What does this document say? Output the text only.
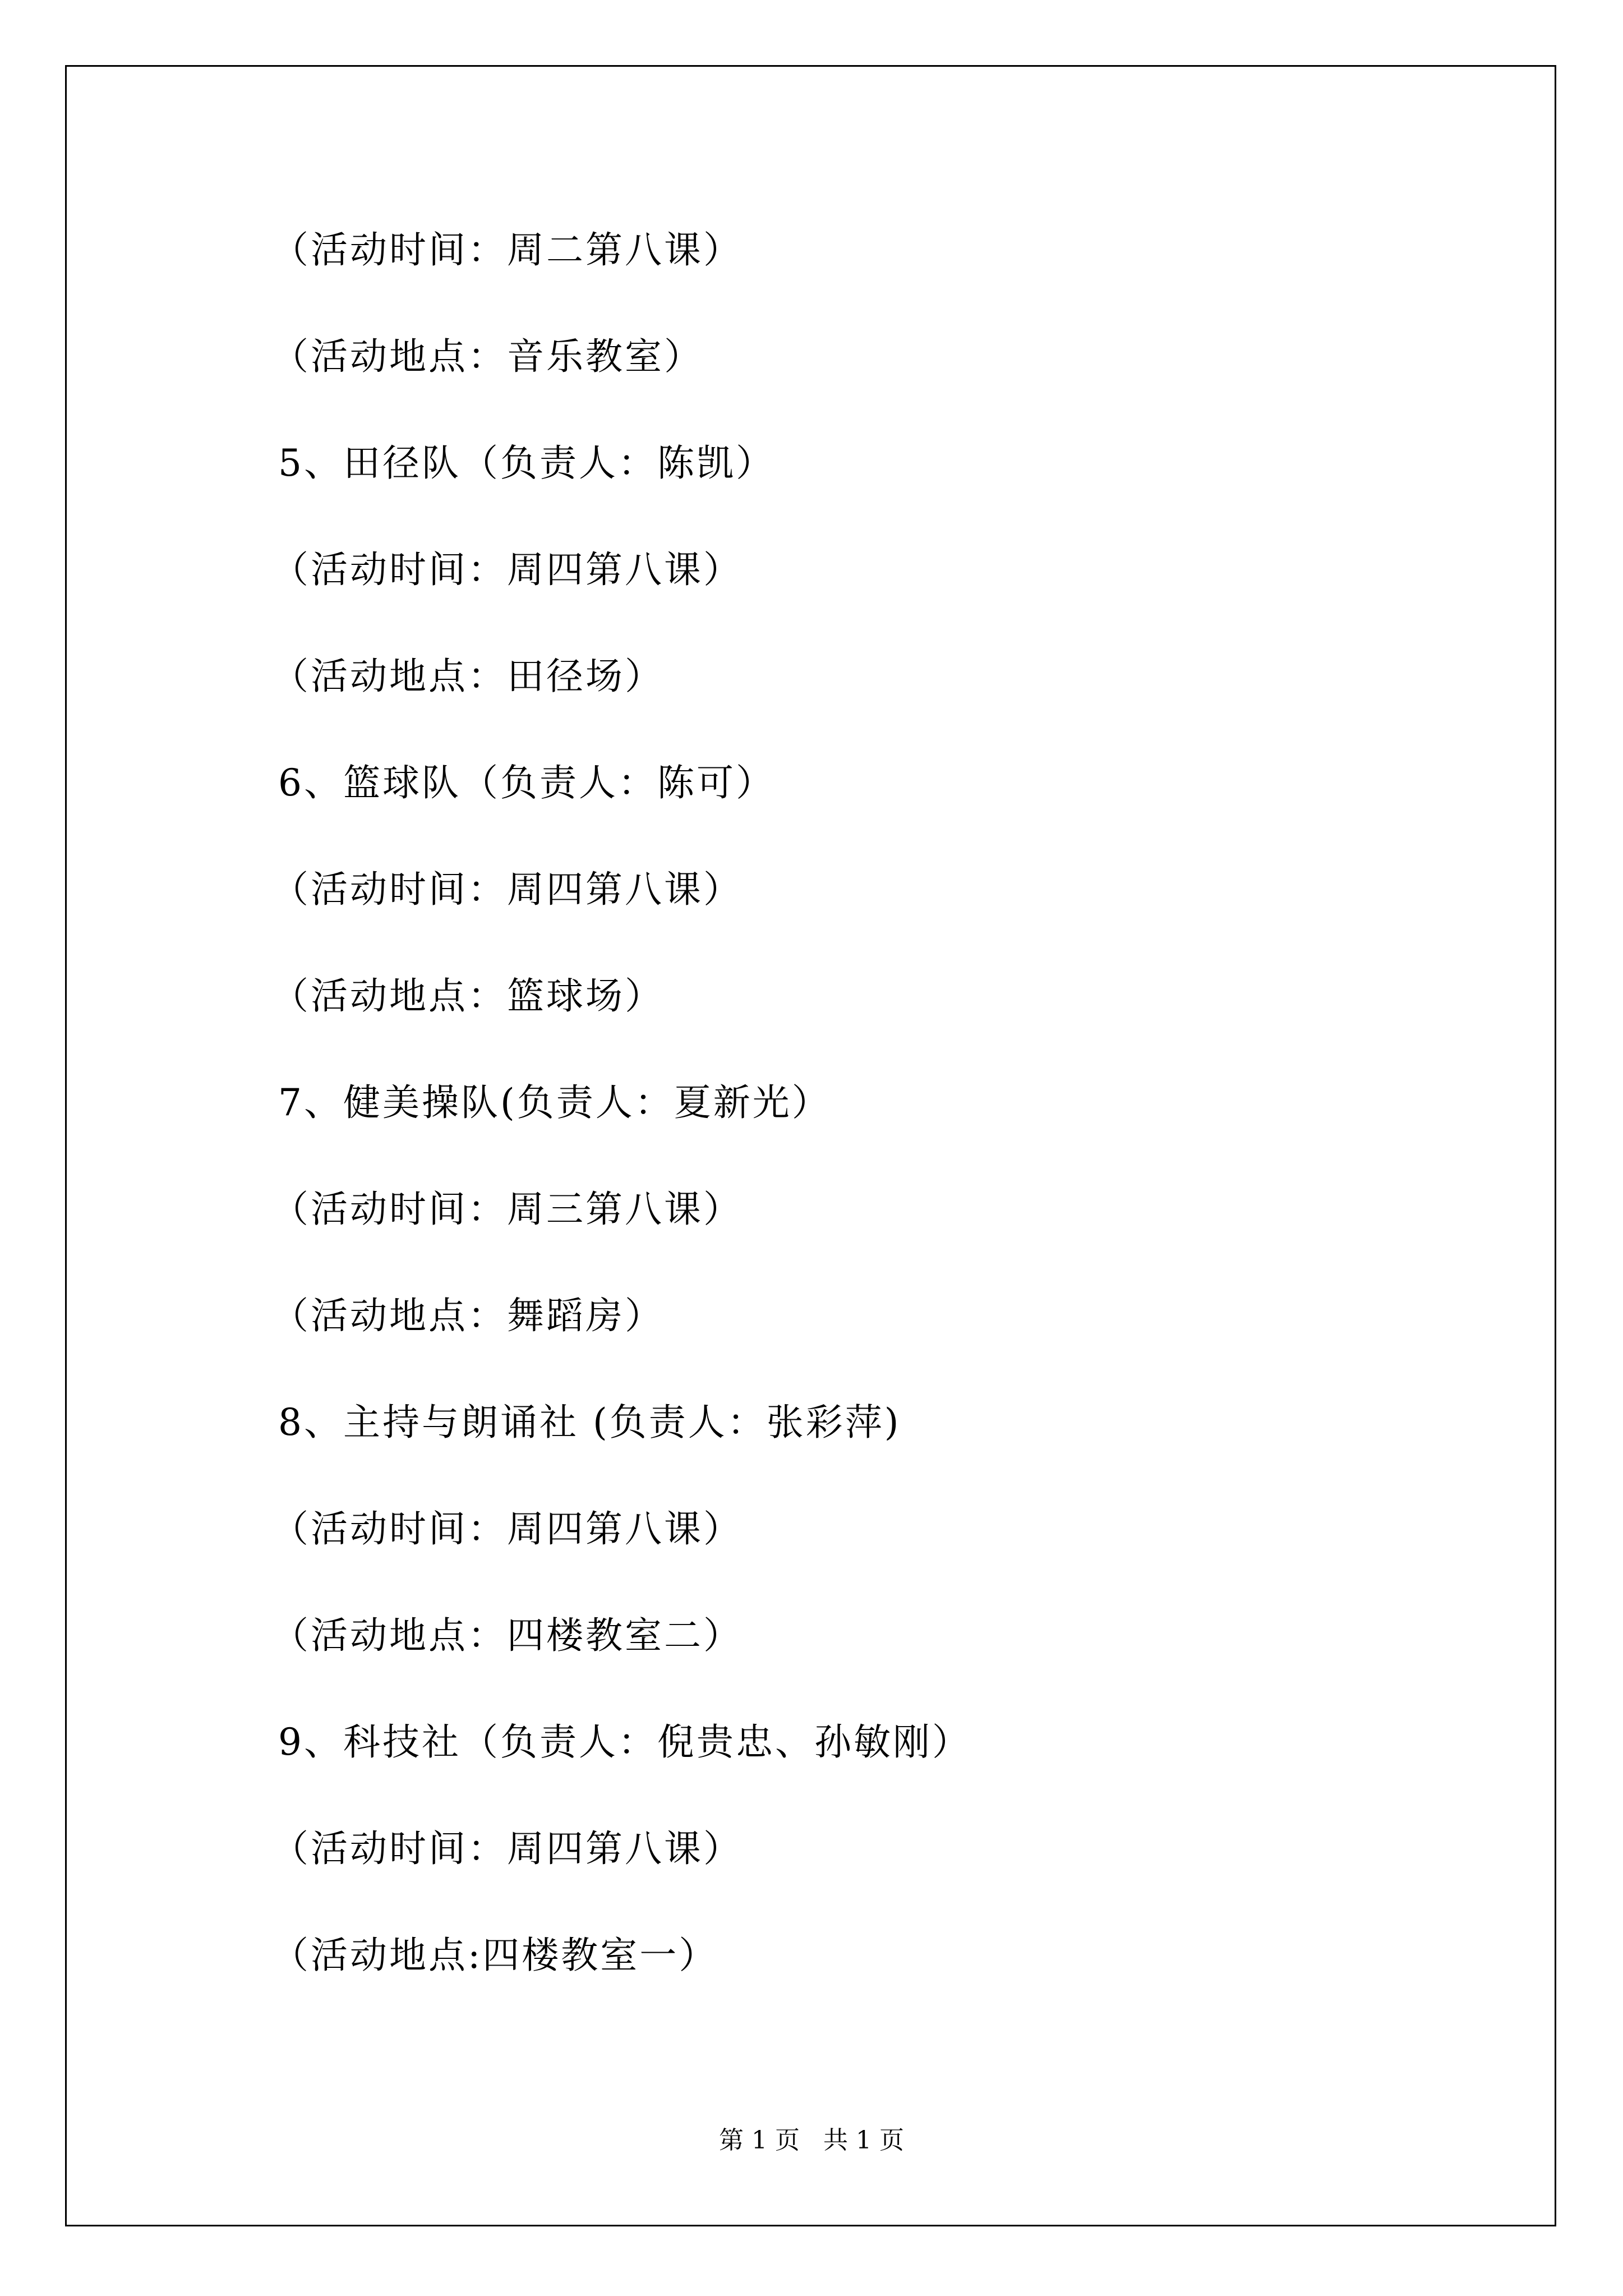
（活动时间：周二第八课）
（活动地点：音乐教室）
5、田径队（负责人：陈凯）
（活动时间：周四第八课）
（活动地点：田径场）
6、篮球队（负责人：陈可）
（活动时间：周四第八课）
（活动地点：篮球场）
7、健美操队(负责人：夏新光）
（活动时间：周三第八课）
（活动地点：舞蹈房）
8、主持与朗诵社 (负责人：张彩萍)
（活动时间：周四第八课）
（活动地点：四楼教室二）
9、科技社（负责人：倪贵忠、孙敏刚）
（活动时间：周四第八课）
（活动地点:四楼教室一）
第 1 页   共 1 页
